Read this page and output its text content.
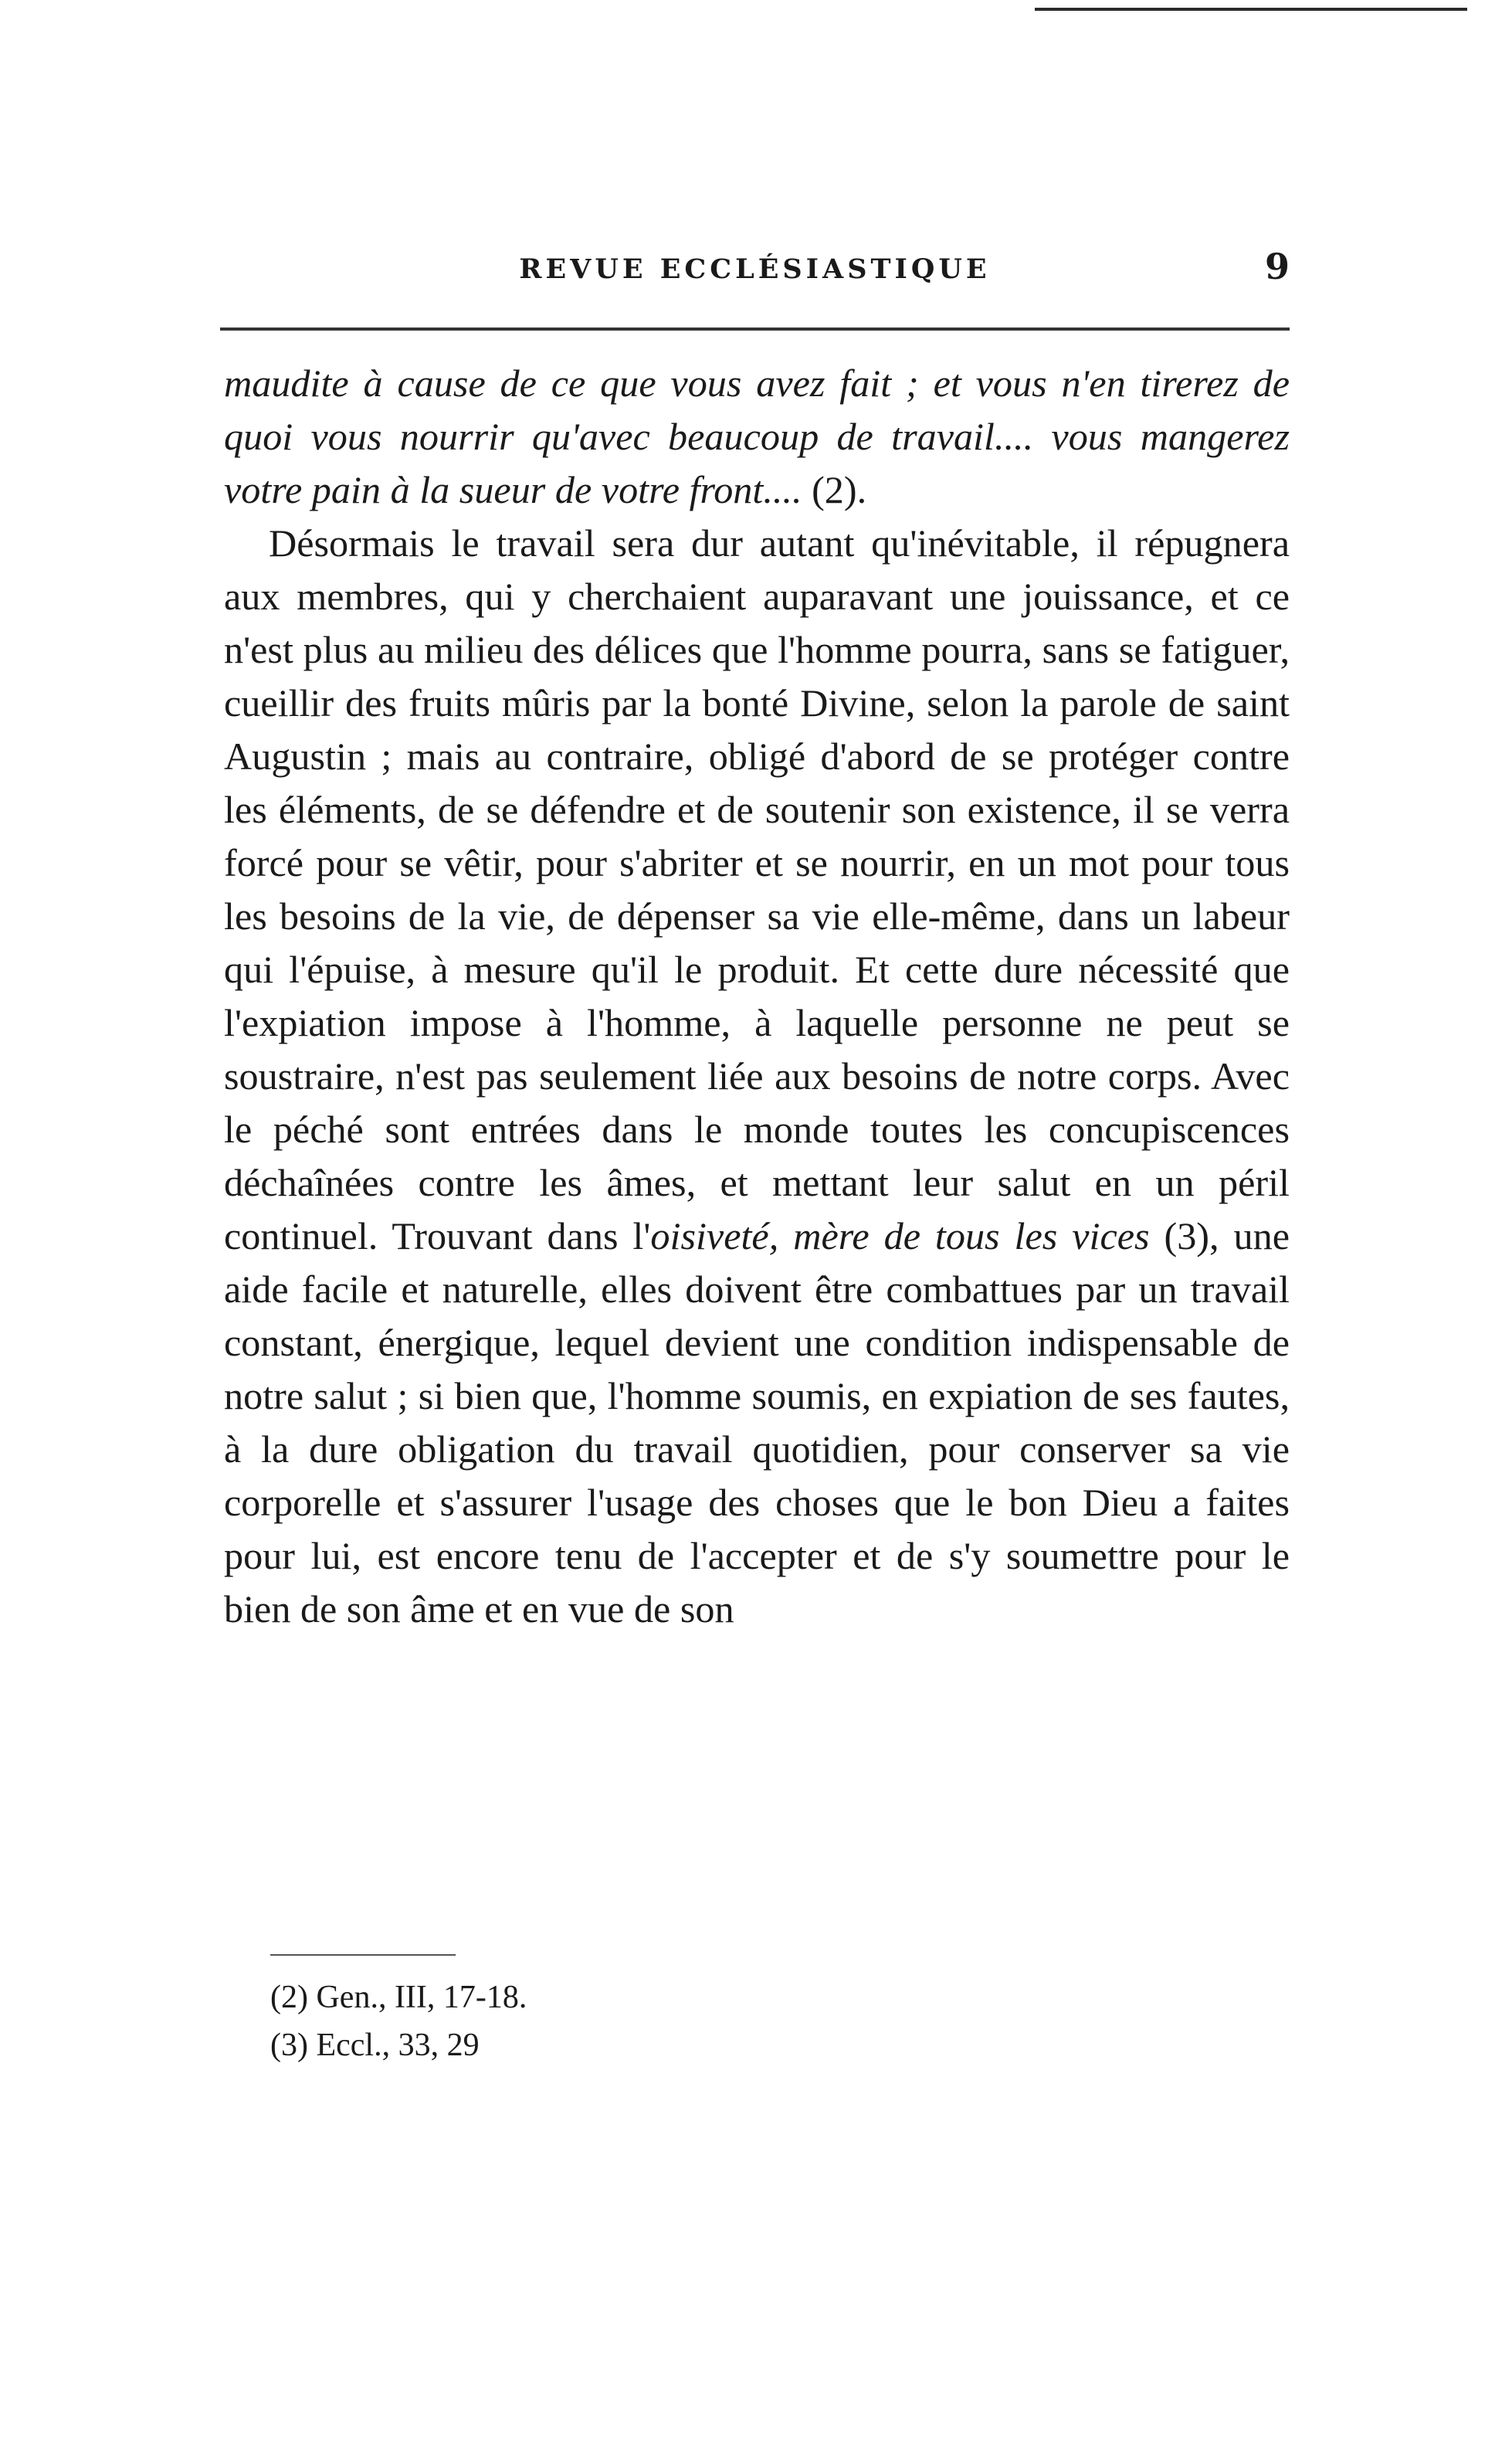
REVUE ECCLÉSIASTIQUE	9

maudite à cause de ce que vous avez fait ; et vous n'en tirerez de quoi vous nourrir qu'avec beaucoup de travail.... vous mangerez votre pain à la sueur de votre front.... (2).

Désormais le travail sera dur autant qu'inévitable, il répugnera aux membres, qui y cherchaient auparavant une jouissance, et ce n'est plus au milieu des délices que l'homme pourra, sans se fatiguer, cueillir des fruits mûris par la bonté Divine, selon la parole de saint Augustin ; mais au contraire, obligé d'abord de se protéger contre les éléments, de se défendre et de soutenir son existence, il se verra forcé pour se vêtir, pour s'abriter et se nourrir, en un mot pour tous les besoins de la vie, de dépenser sa vie elle-même, dans un labeur qui l'épuise, à mesure qu'il le produit. Et cette dure nécessité que l'expiation impose à l'homme, à laquelle personne ne peut se soustraire, n'est pas seulement liée aux besoins de notre corps. Avec le péché sont entrées dans le monde toutes les concupiscences déchaînées contre les âmes, et mettant leur salut en un péril continuel. Trouvant dans l'oisiveté, mère de tous les vices (3), une aide facile et naturelle, elles doivent être combattues par un travail constant, énergique, lequel devient une condition indispensable de notre salut ; si bien que, l'homme soumis, en expiation de ses fautes, à la dure obligation du travail quotidien, pour conserver sa vie corporelle et s'assurer l'usage des choses que le bon Dieu a faites pour lui, est encore tenu de l'accepter et de s'y soumettre pour le bien de son âme et en vue de son

(2) Gen., III, 17-18.
(3) Eccl., 33, 29
